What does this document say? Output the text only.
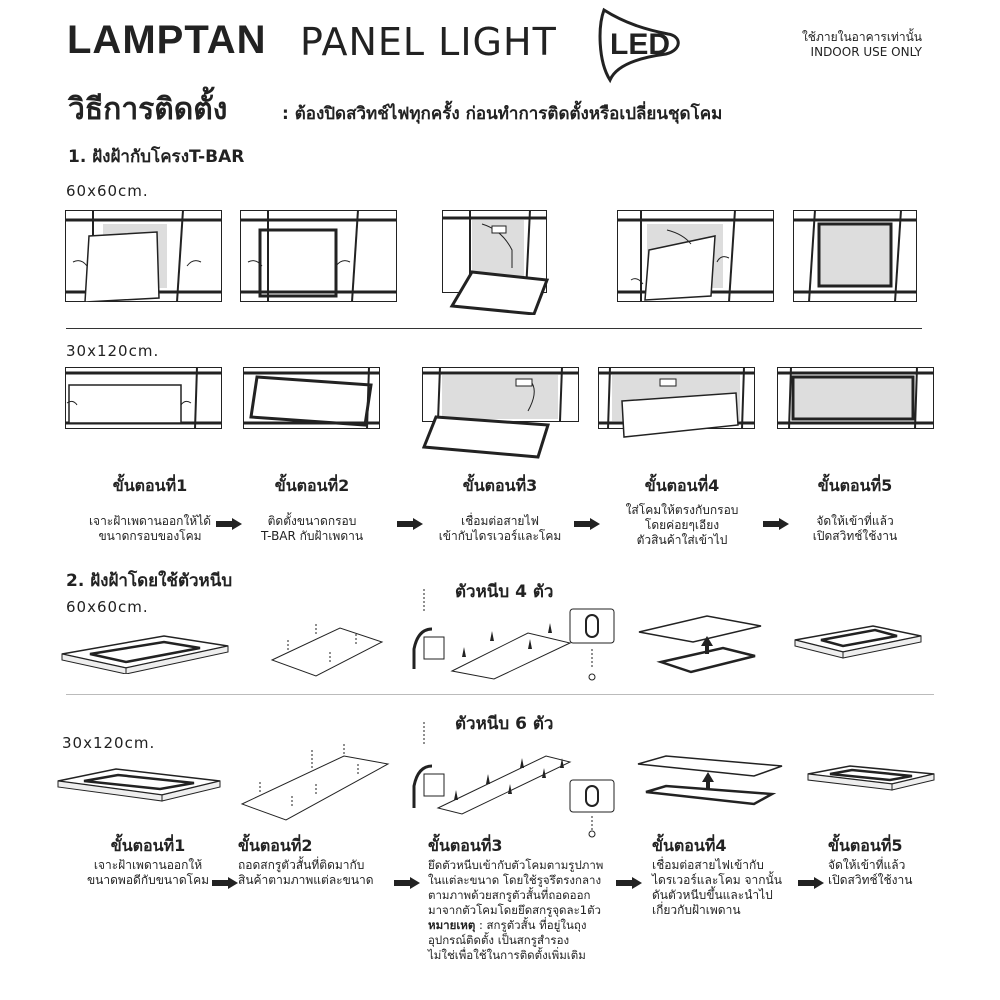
LAMPTAN PANEL LIGHT LED	ใช้ภายในอาคารเท่านั้น
INDOOR USE ONLY
วิธีการติดตั้ง	: ต้องปิดสวิทช์ไฟทุกครั้ง ก่อนทำการติดตั้งหรือเปลี่ยนชุดโคม
1. ฝังฝ้ากับโครงT-BAR
60x60cm.
30x120cm.
ขั้นตอนที่1
เจาะฝ้าเพดานออกให้ได้
ขนาดกรอบของโคม
ขั้นตอนที่2
ติดตั้งขนาดกรอบ
T-BAR กับฝ้าเพดาน
ขั้นตอนที่3
เชื่อมต่อสายไฟ
เข้ากับไดรเวอร์และโคม
ขั้นตอนที่4
ใส่โคมให้ตรงกับกรอบ
โดยค่อยๆเอียง
ตัวสินค้าใส่เข้าไป
ขั้นตอนที่5
จัดให้เข้าที่แล้ว
เปิดสวิทช์ใช้งาน
2. ฝังฝ้าโดยใช้ตัวหนีบ
ตัวหนีบ 4 ตัว
60x60cm.
ตัวหนีบ 6 ตัว
30x120cm.
ขั้นตอนที่1
เจาะฝ้าเพดานออกให้
ขนาดพอดีกับขนาดโคม
ขั้นตอนที่2
ถอดสกรูตัวสั้นที่ติดมากับ
สินค้าตามภาพแต่ละขนาด
ขั้นตอนที่3
ยึดตัวหนีบเข้ากับตัวโคมตามรูปภาพ
ในแต่ละขนาด โดยใช้รูจรึตรงกลาง
ตามภาพด้วยสกรูตัวสั้นที่ถอดออก
มาจากตัวโคมโดยยึดสกรูจุดละ1ตัว
หมายเหตุ : สกรูตัวสั้น ที่อยู่ในถุง
อุปกรณ์ติดตั้ง เป็นสกรูสำรอง
ไม่ใช่เพื่อใช้ในการติดตั้งเพิ่มเติม
ขั้นตอนที่4
เชื่อมต่อสายไฟเข้ากับ
ไดรเวอร์และโคม จากนั้น
ดันตัวหนีบขึ้นและนำไป
เกี่ยวกับฝ้าเพดาน
ขั้นตอนที่5
จัดให้เข้าที่แล้ว
เปิดสวิทช์ใช้งาน
